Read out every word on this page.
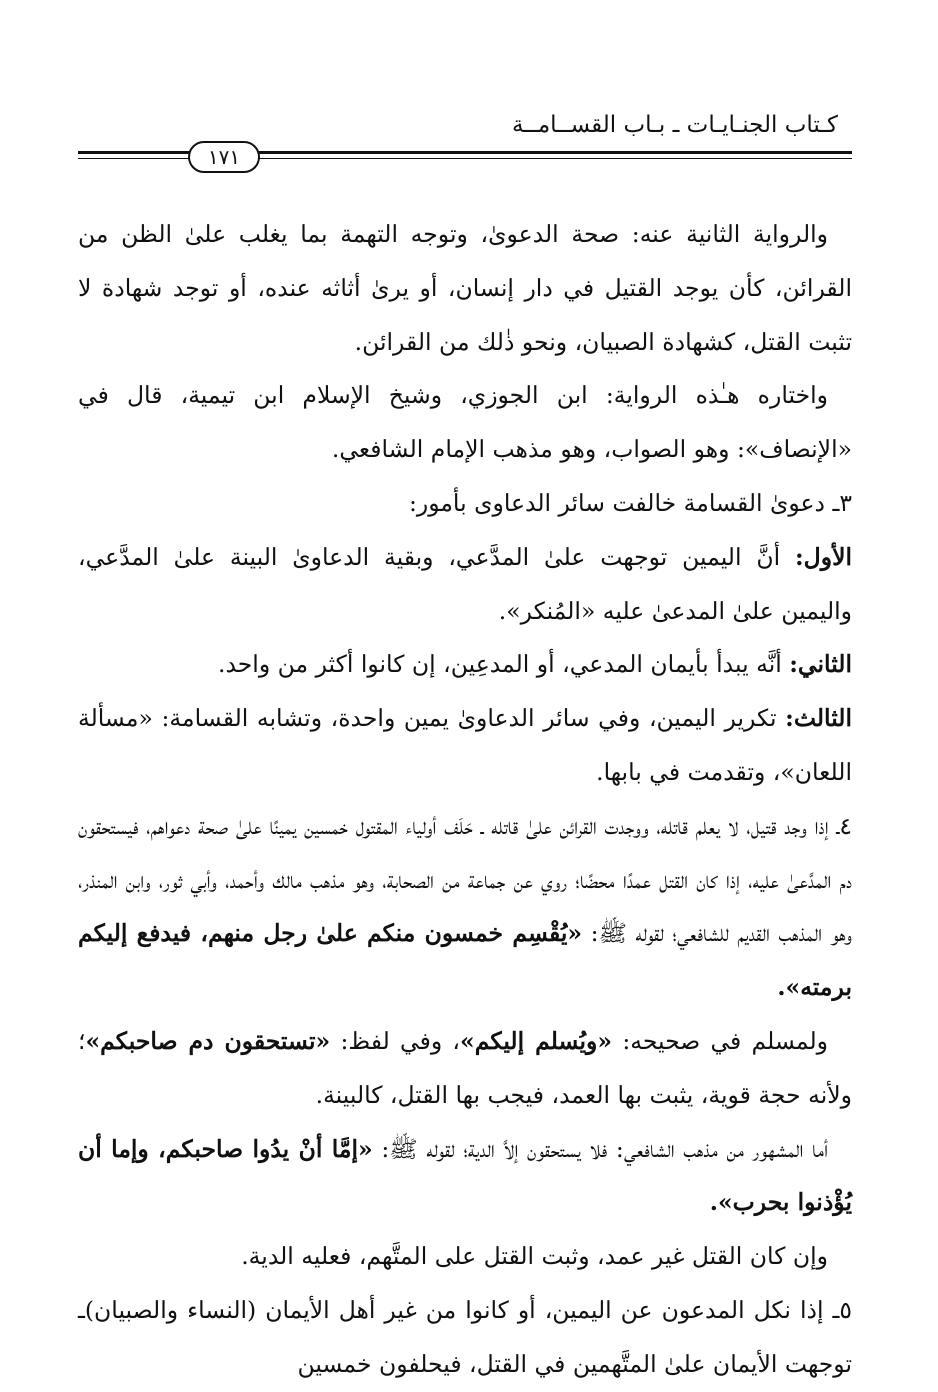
كـتاب الجنـايـات ـ بـاب القســامــة
١٧١

والرواية الثانية عنه: صحة الدعوىٰ، وتوجه التهمة بما يغلب علىٰ الظن من القرائن، كأن يوجد القتيل في دار إنسان، أو يرىٰ أثاثه عنده، أو توجد شهادة لا تثبت القتل، كشهادة الصبيان، ونحو ذٰلك من القرائن.

واختاره هـٰذه الرواية: ابن الجوزي، وشيخ الإسلام ابن تيمية، قال في «الإنصاف»: وهو الصواب، وهو مذهب الإمام الشافعي.

٣ـ دعوىٰ القسامة خالفت سائر الدعاوى بأمور:

الأول: أنَّ اليمين توجهت علىٰ المدَّعي، وبقية الدعاوىٰ البينة علىٰ المدَّعي، واليمين علىٰ المدعىٰ عليه «المُنكر».

الثاني: أنَّه يبدأ بأيمان المدعي، أو المدعِين، إن كانوا أكثر من واحد.

الثالث: تكرير اليمين، وفي سائر الدعاوىٰ يمين واحدة، وتشابه القسامة: «مسألة اللعان»، وتقدمت في بابها.

٤ـ إذا وجد قتيل، لا يعلم قاتله، ووجدت القرائن علىٰ قاتله ـ حَلَف أولياء المقتول خمسين يمينًا علىٰ صحة دعواهم، فيستحقون دم المدَّعىٰ عليه، إذا كان القتل عمدًا محضًا؛ روي عن جماعة من الصحابة، وهو مذهب مالك وأحمد، وأبي ثور، وابن المنذر، وهو المذهب القديم للشافعي؛ لقوله ﷺ: «يُقْسِم خمسون منكم علىٰ رجل منهم، فيدفع إليكم برمته».

ولمسلم في صحيحه: «ويُسلم إليكم»، وفي لفظ: «تستحقون دم صاحبكم»؛ ولأنه حجة قوية، يثبت بها العمد، فيجب بها القتل، كالبينة.

أما المشهور من مذهب الشافعي: فلا يستحقون إلاَّ الدية؛ لقوله ﷺ: «إمَّا أنْ يدُوا صاحبكم، وإما أن يُؤْذنوا بحرب».

وإن كان القتل غير عمد، وثبت القتل على المتَّهم، فعليه الدية.

٥ـ إذا نكل المدعون عن اليمين، أو كانوا من غير أهل الأيمان (النساء والصبيان)ـ توجهت الأيمان علىٰ المتَّهمين في القتل، فيحلفون خمسين
